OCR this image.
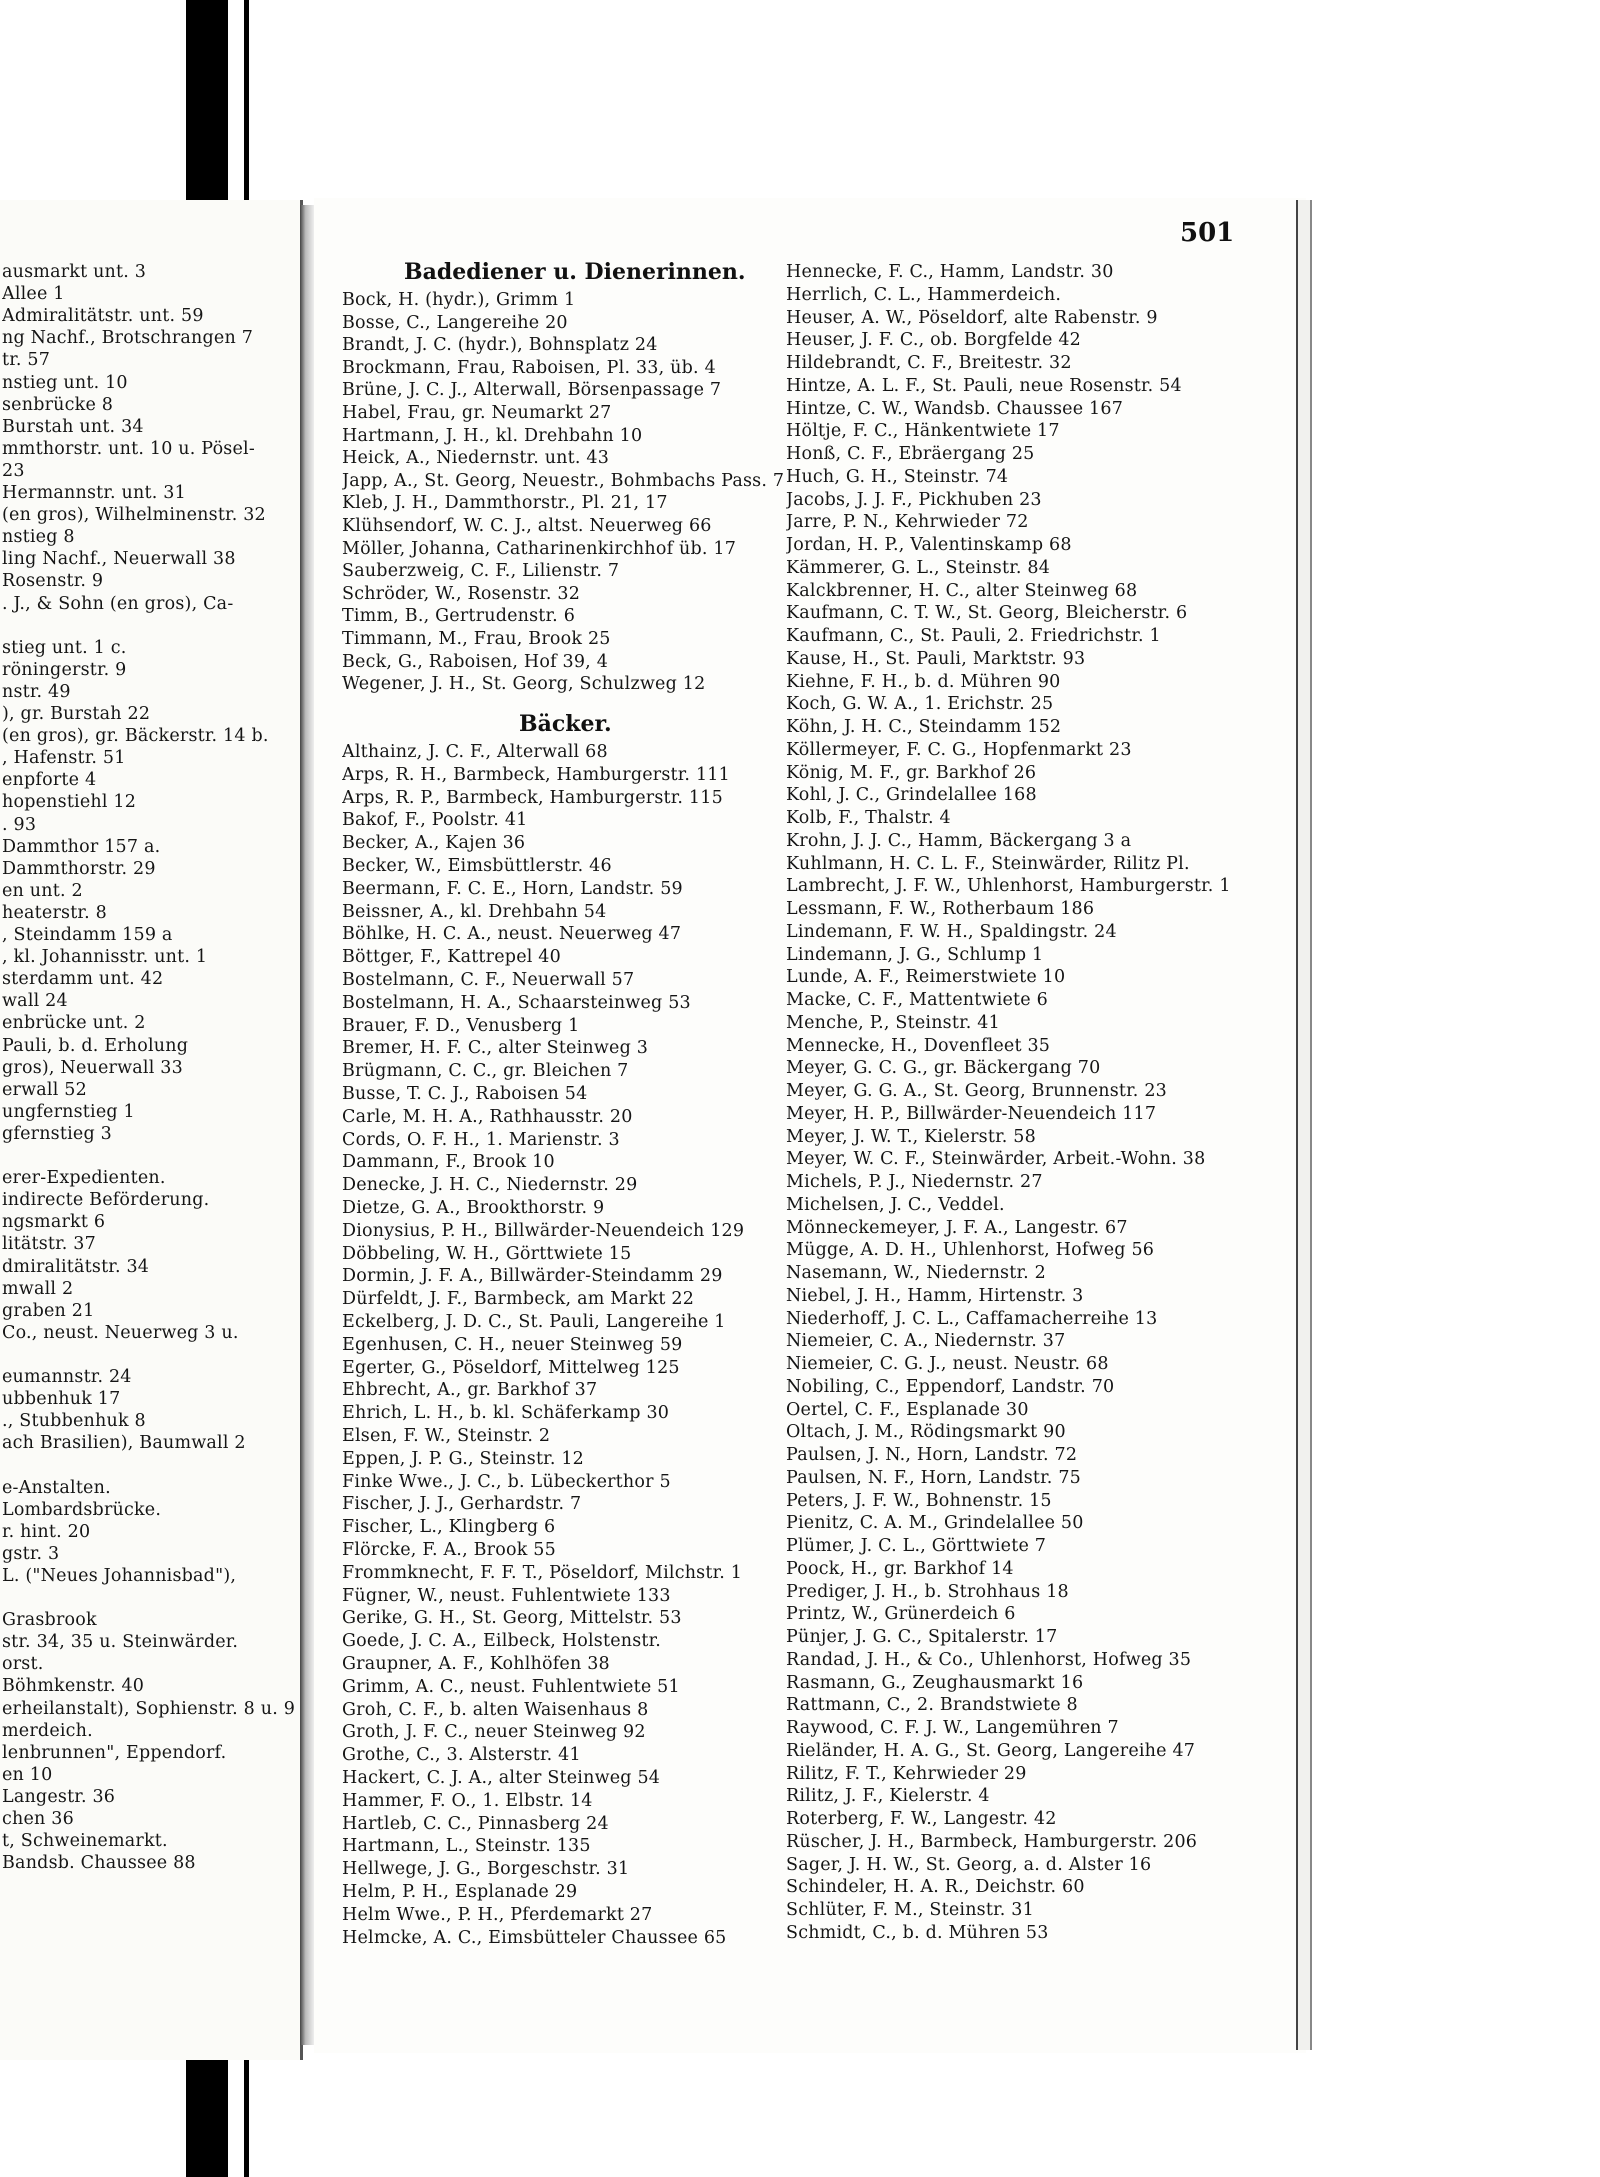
ausmarkt unt. 3
Allee 1
Admiralitätstr. unt. 59
ng Nachf., Brotschrangen 7
tr. 57
nstieg unt. 10
senbrücke 8
Burstah unt. 34
mmthorstr. unt. 10 u. Pösel-
23
Hermannstr. unt. 31
(en gros), Wilhelminenstr. 32
nstieg 8
ling Nachf., Neuerwall 38
Rosenstr. 9
. J., & Sohn (en gros), Ca-
stieg unt. 1 c.
röningerstr. 9
nstr. 49
), gr. Burstah 22
(en gros), gr. Bäckerstr. 14 b.
, Hafenstr. 51
enpforte 4
hopenstiehl 12
. 93
Dammthor 157 a.
Dammthorstr. 29
en unt. 2
heaterstr. 8
, Steindamm 159 a
, kl. Johannisstr. unt. 1
sterdamm unt. 42
wall 24
enbrücke unt. 2
Pauli, b. d. Erholung
gros), Neuerwall 33
erwall 52
ungfernstieg 1
gfernstieg 3
erer-Expedienten.
indirecte Beförderung.
ngsmarkt 6
litätstr. 37
dmiralitätstr. 34
mwall 2
graben 21
Co., neust. Neuerweg 3 u.
eumannstr. 24
ubbenhuk 17
., Stubbenhuk 8
ach Brasilien), Baumwall 2
e-Anstalten.
Lombardsbrücke.
r. hint. 20
gstr. 3
L. ("Neues Johannisbad"),
Grasbrook
str. 34, 35 u. Steinwärder.
orst.
Böhmkenstr. 40
erheilanstalt), Sophienstr. 8 u. 9
merdeich.
lenbrunnen", Eppendorf.
en 10
Langestr. 36
chen 36
t, Schweinemarkt.
Bandsb. Chaussee 88
Badediener u. Dienerinnen.
Bock, H. (hydr.), Grimm 1
Bosse, C., Langereihe 20
Brandt, J. C. (hydr.), Bohnsplatz 24
Brockmann, Frau, Raboisen, Pl. 33, üb. 4
Brüne, J. C. J., Alterwall, Börsenpassage 7
Habel, Frau, gr. Neumarkt 27
Hartmann, J. H., kl. Drehbahn 10
Heick, A., Niedernstr. unt. 43
Japp, A., St. Georg, Neuestr., Bohmbachs Pass. 7
Kleb, J. H., Dammthorstr., Pl. 21, 17
Klühsendorf, W. C. J., altst. Neuerweg 66
Möller, Johanna, Catharinenkirchhof üb. 17
Sauberzweig, C. F., Lilienstr. 7
Schröder, W., Rosenstr. 32
Timm, B., Gertrudenstr. 6
Timmann, M., Frau, Brook 25
Beck, G., Raboisen, Hof 39, 4
Wegener, J. H., St. Georg, Schulzweg 12
Bäcker.
Althainz, J. C. F., Alterwall 68
Arps, R. H., Barmbeck, Hamburgerstr. 111
Arps, R. P., Barmbeck, Hamburgerstr. 115
Bakof, F., Poolstr. 41
Becker, A., Kajen 36
Becker, W., Eimsbüttlerstr. 46
Beermann, F. C. E., Horn, Landstr. 59
Beissner, A., kl. Drehbahn 54
Böhlke, H. C. A., neust. Neuerweg 47
Böttger, F., Kattrepel 40
Bostelmann, C. F., Neuerwall 57
Bostelmann, H. A., Schaarsteinweg 53
Brauer, F. D., Venusberg 1
Bremer, H. F. C., alter Steinweg 3
Brügmann, C. C., gr. Bleichen 7
Busse, T. C. J., Raboisen 54
Carle, M. H. A., Rathhausstr. 20
Cords, O. F. H., 1. Marienstr. 3
Dammann, F., Brook 10
Denecke, J. H. C., Niedernstr. 29
Dietze, G. A., Brookthorstr. 9
Dionysius, P. H., Billwärder-Neuendeich 129
Döbbeling, W. H., Görttwiete 15
Dormin, J. F. A., Billwärder-Steindamm 29
Dürfeldt, J. F., Barmbeck, am Markt 22
Eckelberg, J. D. C., St. Pauli, Langereihe 1
Egenhusen, C. H., neuer Steinweg 59
Egerter, G., Pöseldorf, Mittelweg 125
Ehbrecht, A., gr. Barkhof 37
Ehrich, L. H., b. kl. Schäferkamp 30
Elsen, F. W., Steinstr. 2
Eppen, J. P. G., Steinstr. 12
Finke Wwe., J. C., b. Lübeckerthor 5
Fischer, J. J., Gerhardstr. 7
Fischer, L., Klingberg 6
Flörcke, F. A., Brook 55
Frommknecht, F. F. T., Pöseldorf, Milchstr. 1
Fügner, W., neust. Fuhlentwiete 133
Gerike, G. H., St. Georg, Mittelstr. 53
Goede, J. C. A., Eilbeck, Holstenstr.
Graupner, A. F., Kohlhöfen 38
Grimm, A. C., neust. Fuhlentwiete 51
Groh, C. F., b. alten Waisenhaus 8
Groth, J. F. C., neuer Steinweg 92
Grothe, C., 3. Alsterstr. 41
Hackert, C. J. A., alter Steinweg 54
Hammer, F. O., 1. Elbstr. 14
Hartleb, C. C., Pinnasberg 24
Hartmann, L., Steinstr. 135
Hellwege, J. G., Borgeschstr. 31
Helm, P. H., Esplanade 29
Helm Wwe., P. H., Pferdemarkt 27
Helmcke, A. C., Eimsbütteler Chaussee 65
Hennecke, F. C., Hamm, Landstr. 30
Herrlich, C. L., Hammerdeich.
Heuser, A. W., Pöseldorf, alte Rabenstr. 9
Heuser, J. F. C., ob. Borgfelde 42
Hildebrandt, C. F., Breitestr. 32
Hintze, A. L. F., St. Pauli, neue Rosenstr. 54
Hintze, C. W., Wandsb. Chaussee 167
Höltje, F. C., Hänkentwiete 17
Honß, C. F., Ebräergang 25
Huch, G. H., Steinstr. 74
Jacobs, J. J. F., Pickhuben 23
Jarre, P. N., Kehrwieder 72
Jordan, H. P., Valentinskamp 68
Kämmerer, G. L., Steinstr. 84
Kalckbrenner, H. C., alter Steinweg 68
Kaufmann, C. T. W., St. Georg, Bleicherstr. 6
Kaufmann, C., St. Pauli, 2. Friedrichstr. 1
Kause, H., St. Pauli, Marktstr. 93
Kiehne, F. H., b. d. Mühren 90
Koch, G. W. A., 1. Erichstr. 25
Köhn, J. H. C., Steindamm 152
Köllermeyer, F. C. G., Hopfenmarkt 23
König, M. F., gr. Barkhof 26
Kohl, J. C., Grindelallee 168
Kolb, F., Thalstr. 4
Krohn, J. J. C., Hamm, Bäckergang 3 a
Kuhlmann, H. C. L. F., Steinwärder, Rilitz Pl.
Lambrecht, J. F. W., Uhlenhorst, Hamburgerstr. 1
Lessmann, F. W., Rotherbaum 186
Lindemann, F. W. H., Spaldingstr. 24
Lindemann, J. G., Schlump 1
Lunde, A. F., Reimerstwiete 10
Macke, C. F., Mattentwiete 6
Menche, P., Steinstr. 41
Mennecke, H., Dovenfleet 35
Meyer, G. C. G., gr. Bäckergang 70
Meyer, G. G. A., St. Georg, Brunnenstr. 23
Meyer, H. P., Billwärder-Neuendeich 117
Meyer, J. W. T., Kielerstr. 58
Meyer, W. C. F., Steinwärder, Arbeit.-Wohn. 38
Michels, P. J., Niedernstr. 27
Michelsen, J. C., Veddel.
Mönneckemeyer, J. F. A., Langestr. 67
Mügge, A. D. H., Uhlenhorst, Hofweg 56
Nasemann, W., Niedernstr. 2
Niebel, J. H., Hamm, Hirtenstr. 3
Niederhoff, J. C. L., Caffamacherreihe 13
Niemeier, C. A., Niedernstr. 37
Niemeier, C. G. J., neust. Neustr. 68
Nobiling, C., Eppendorf, Landstr. 70
Oertel, C. F., Esplanade 30
Oltach, J. M., Rödingsmarkt 90
Paulsen, J. N., Horn, Landstr. 72
Paulsen, N. F., Horn, Landstr. 75
Peters, J. F. W., Bohnenstr. 15
Pienitz, C. A. M., Grindelallee 50
Plümer, J. C. L., Görttwiete 7
Poock, H., gr. Barkhof 14
Prediger, J. H., b. Strohhaus 18
Printz, W., Grünerdeich 6
Pünjer, J. G. C., Spitalerstr. 17
Randad, J. H., & Co., Uhlenhorst, Hofweg 35
Rasmann, G., Zeughausmarkt 16
Rattmann, C., 2. Brandstwiete 8
Raywood, C. F. J. W., Langemühren 7
Rieländer, H. A. G., St. Georg, Langereihe 47
Rilitz, F. T., Kehrwieder 29
Rilitz, J. F., Kielerstr. 4
Roterberg, F. W., Langestr. 42
Rüscher, J. H., Barmbeck, Hamburgerstr. 206
Sager, J. H. W., St. Georg, a. d. Alster 16
Schindeler, H. A. R., Deichstr. 60
Schlüter, F. M., Steinstr. 31
Schmidt, C., b. d. Mühren 53
501
